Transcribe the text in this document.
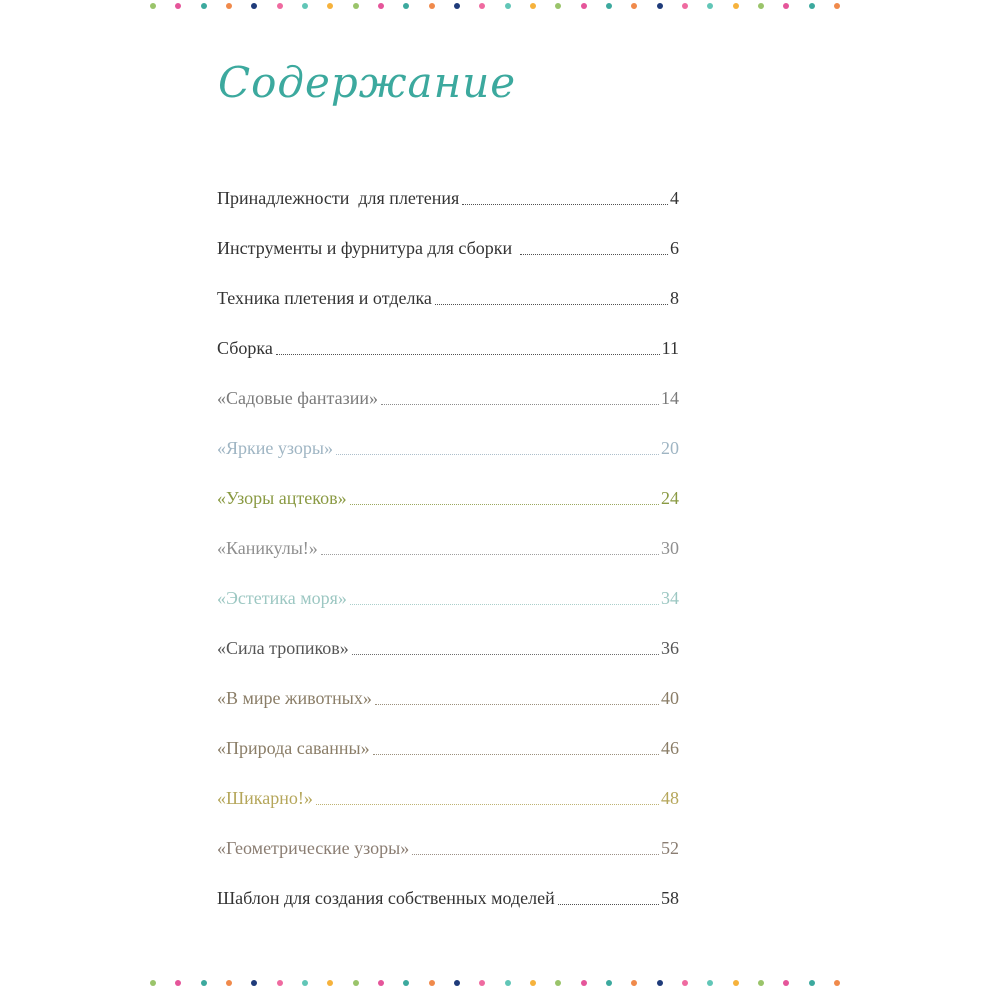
Содержание
Принадлежности  для плетения	4
Инструменты и фурнитура для сборки	6
Техника плетения и отделка	8
Сборка	11
«Садовые фантазии»	14
«Яркие узоры»	20
«Узоры ацтеков»	24
«Каникулы!»	30
«Эстетика моря»	34
«Сила тропиков»	36
«В мире животных»	40
«Природа саванны»	46
«Шикарно!»	48
«Геометрические узоры»	52
Шаблон для создания собственных моделей	58
